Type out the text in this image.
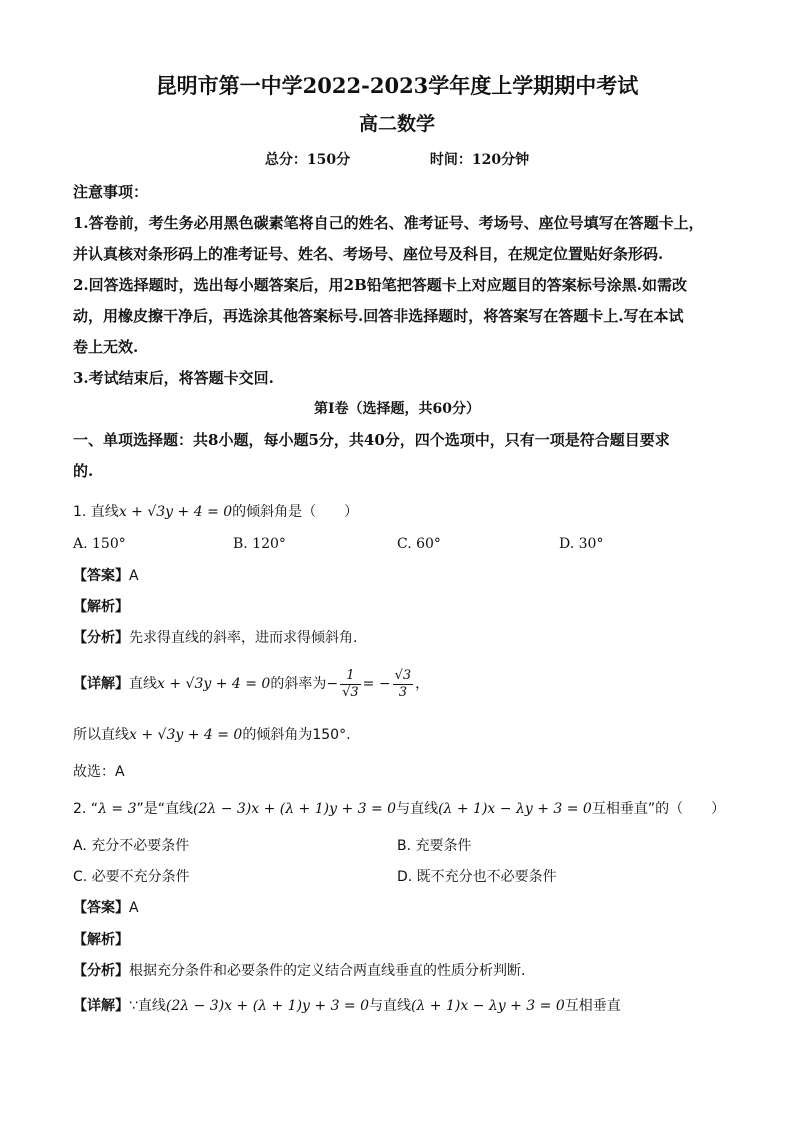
昆明市第一中学2022-2023学年度上学期期中考试
高二数学
总分：150分	时间：120分钟
注意事项：
1.答卷前，考生务必用黑色碳素笔将自己的姓名、准考证号、考场号、座位号填写在答题卡上，
并认真核对条形码上的准考证号、姓名、考场号、座位号及科目，在规定位置贴好条形码.
2.回答选择题时，选出每小题答案后，用2B铅笔把答题卡上对应题目的答案标号涂黑.如需改
动，用橡皮擦干净后，再选涂其他答案标号.回答非选择题时，将答案写在答题卡上.写在本试
卷上无效.
3.考试结束后，将答题卡交回.
第I卷（选择题，共60分）
一、单项选择题：共8小题，每小题5分，共40分，四个选项中，只有一项是符合题目要求
的.
1. 直线x + √3y + 4 = 0的倾斜角是（　　）
A. 150°	B. 120°	C. 60°	D. 30°
【答案】A
【解析】
【分析】先求得直线的斜率，进而求得倾斜角.
【详解】直线x + √3y + 4 = 0的斜率为− $\frac{1}{√3}$ = − $\frac{√3}{3}$ ，
所以直线x + √3y + 4 = 0的倾斜角为150°.
故选：A
2. “λ = 3”是“直线(2λ − 3)x + (λ + 1)y + 3 = 0与直线(λ + 1)x − λy + 3 = 0互相垂直”的（　　）
A. 充分不必要条件	B. 充要条件
C. 必要不充分条件	D. 既不充分也不必要条件
【答案】A
【解析】
【分析】根据充分条件和必要条件的定义结合两直线垂直的性质分析判断.
【详解】∵直线(2λ − 3)x + (λ + 1)y + 3 = 0与直线(λ + 1)x − λy + 3 = 0互相垂直
